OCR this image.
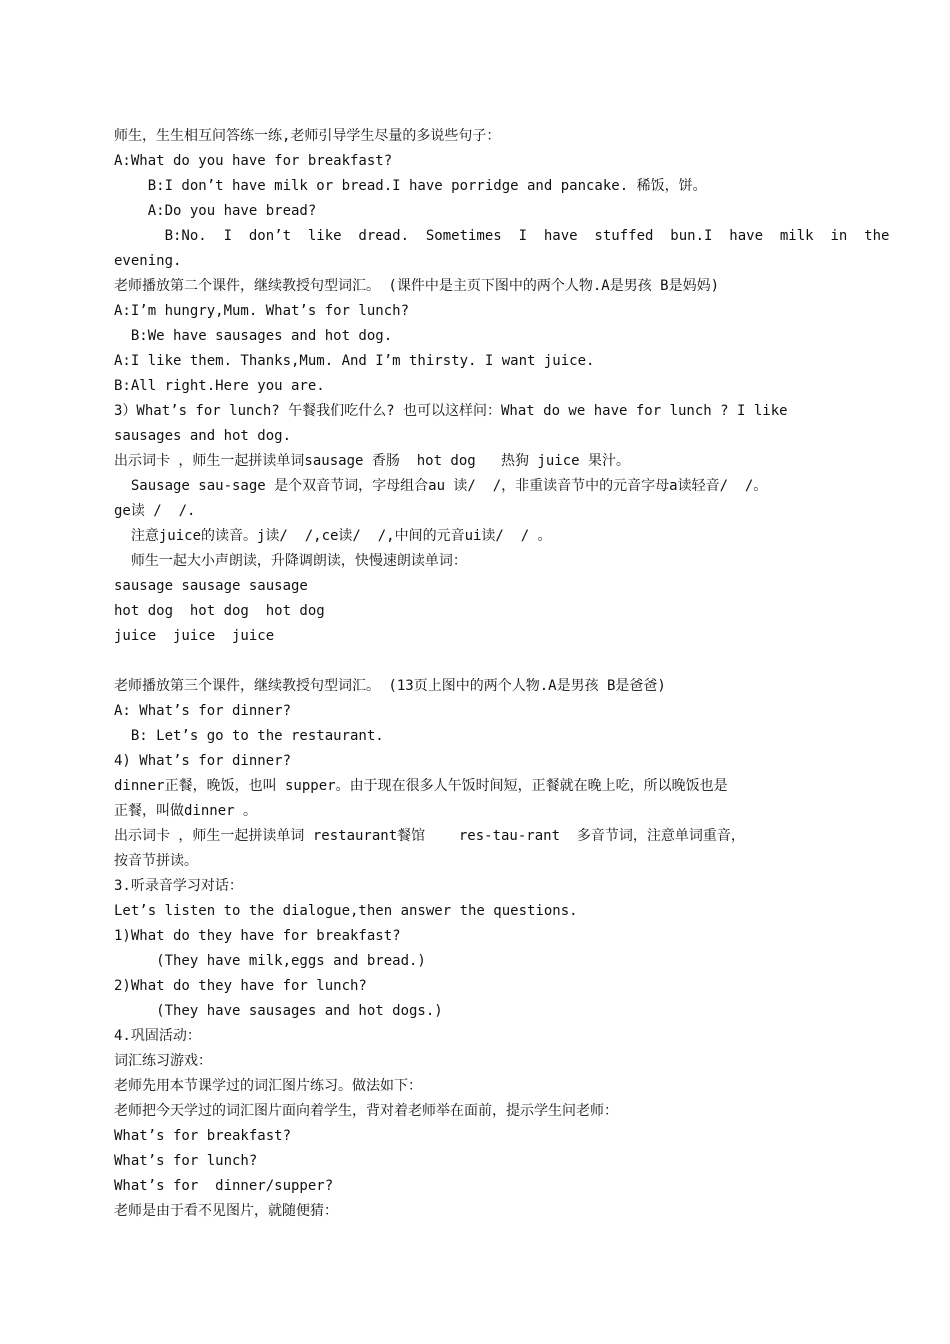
师生，生生相互问答练一练,老师引导学生尽量的多说些句子：
A:What do you have for breakfast?
B:I don’t have milk or bread.I have porridge and pancake. 稀饭，饼。
A:Do you have bread?
B:No.  I  don’t  like  dread.  Sometimes  I  have  stuffed  bun.I  have  milk  in  the
evening.
老师播放第二个课件，继续教授句型词汇。 (课件中是主页下图中的两个人物.A是男孩 B是妈妈)
A:I’m hungry,Mum. What’s for lunch?
B:We have sausages and hot dog.
A:I like them. Thanks,Mum. And I’m thirsty. I want juice.
B:All right.Here you are.
3）What’s for lunch? 午餐我们吃什么? 也可以这样问：What do we have for lunch ? I like
sausages and hot dog.
出示词卡 ，师生一起拼读单词sausage 香肠  hot dog   热狗 juice 果汁。
Sausage sau-sage 是个双音节词，字母组合au 读/  /，非重读音节中的元音字母a读轻音/  /。
ge读 /  /.
注意juice的读音。j读/  /,ce读/  /,中间的元音ui读/  / 。
师生一起大小声朗读，升降调朗读，快慢速朗读单词：
sausage sausage sausage
hot dog  hot dog  hot dog
juice  juice  juice
老师播放第三个课件，继续教授句型词汇。 (13页上图中的两个人物.A是男孩 B是爸爸)
A: What’s for dinner?
B: Let’s go to the restaurant.
4) What’s for dinner?
dinner正餐，晚饭，也叫 supper。由于现在很多人午饭时间短，正餐就在晚上吃，所以晚饭也是
正餐，叫做dinner 。
出示词卡 ，师生一起拼读单词 restaurant餐馆    res-tau-rant  多音节词，注意单词重音，
按音节拼读。
3.听录音学习对话：
Let’s listen to the dialogue,then answer the questions.
1)What do they have for breakfast?
(They have milk,eggs and bread.)
2)What do they have for lunch?
(They have sausages and hot dogs.)
4.巩固活动：
词汇练习游戏：
老师先用本节课学过的词汇图片练习。做法如下：
老师把今天学过的词汇图片面向着学生，背对着老师举在面前，提示学生问老师：
What’s for breakfast?
What’s for lunch?
What’s for  dinner/supper?
老师是由于看不见图片，就随便猜：
